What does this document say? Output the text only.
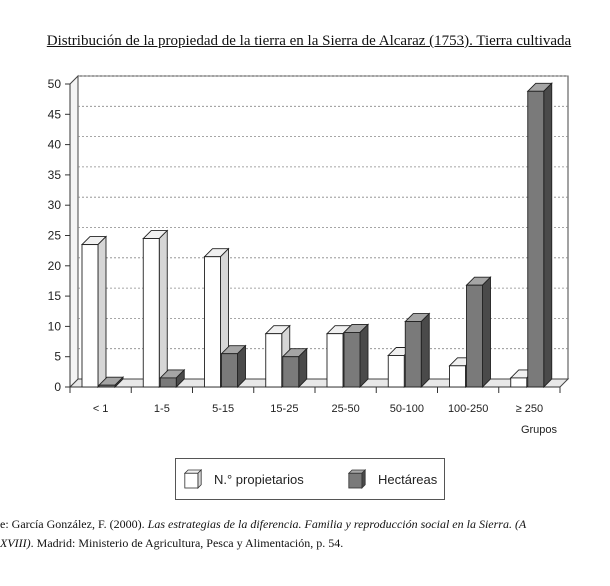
Distribución de la propiedad de la tierra en la Sierra de Alcaraz (1753). Tierra cultivada
0
5
10
15
20
25
30
35
40
45
50
< 1	1-5	5-15	15-25	25-50	50-100 100-250 ≥ 250
Grupos
N.° propietarios	Hectáreas
e: García González, F. (2000). Las estrategias de la diferencia. Familia y reproducción social en la Sierra. (A
XVIII). Madrid: Ministerio de Agricultura, Pesca y Alimentación, p. 54.
